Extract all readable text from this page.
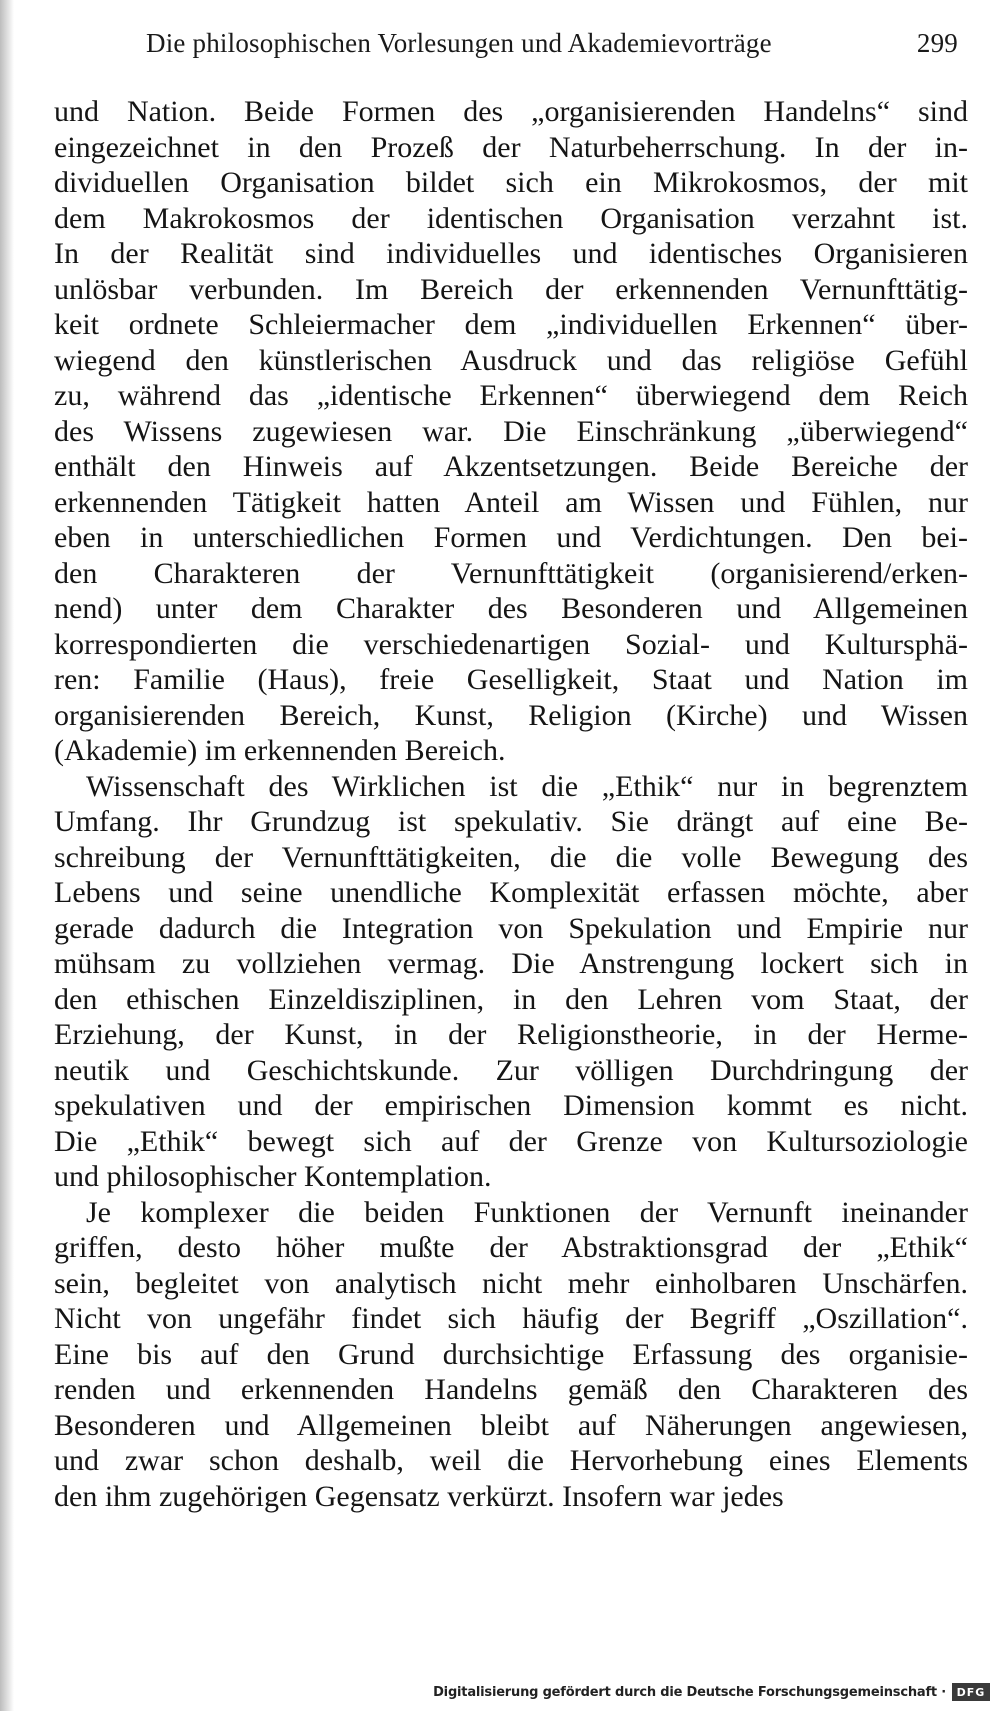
Die philosophischen Vorlesungen und Akademievorträge	299
und Nation. Beide Formen des „organisierenden Handelns“ sind
eingezeichnet in den Prozeß der Naturbeherrschung. In der in-
dividuellen Organisation bildet sich ein Mikrokosmos, der mit
dem Makrokosmos der identischen Organisation verzahnt ist.
In der Realität sind individuelles und identisches Organisieren
unlösbar verbunden. Im Bereich der erkennenden Vernunfttätig-
keit ordnete Schleiermacher dem „individuellen Erkennen“ über-
wiegend den künstlerischen Ausdruck und das religiöse Gefühl
zu, während das „identische Erkennen“ überwiegend dem Reich
des Wissens zugewiesen war. Die Einschränkung „überwiegend“
enthält den Hinweis auf Akzentsetzungen. Beide Bereiche der
erkennenden Tätigkeit hatten Anteil am Wissen und Fühlen, nur
eben in unterschiedlichen Formen und Verdichtungen. Den bei-
den Charakteren der Vernunfttätigkeit (organisierend/erken-
nend) unter dem Charakter des Besonderen und Allgemeinen
korrespondierten die verschiedenartigen Sozial- und Kultursphä-
ren: Familie (Haus), freie Geselligkeit, Staat und Nation im
organisierenden Bereich, Kunst, Religion (Kirche) und Wissen
(Akademie) im erkennenden Bereich.
Wissenschaft des Wirklichen ist die „Ethik“ nur in begrenztem
Umfang. Ihr Grundzug ist spekulativ. Sie drängt auf eine Be-
schreibung der Vernunfttätigkeiten, die die volle Bewegung des
Lebens und seine unendliche Komplexität erfassen möchte, aber
gerade dadurch die Integration von Spekulation und Empirie nur
mühsam zu vollziehen vermag. Die Anstrengung lockert sich in
den ethischen Einzeldisziplinen, in den Lehren vom Staat, der
Erziehung, der Kunst, in der Religionstheorie, in der Herme-
neutik und Geschichtskunde. Zur völligen Durchdringung der
spekulativen und der empirischen Dimension kommt es nicht.
Die „Ethik“ bewegt sich auf der Grenze von Kultursoziologie
und philosophischer Kontemplation.
Je komplexer die beiden Funktionen der Vernunft ineinander
griffen, desto höher mußte der Abstraktionsgrad der „Ethik“
sein, begleitet von analytisch nicht mehr einholbaren Unschärfen.
Nicht von ungefähr findet sich häufig der Begriff „Oszillation“.
Eine bis auf den Grund durchsichtige Erfassung des organisie-
renden und erkennenden Handelns gemäß den Charakteren des
Besonderen und Allgemeinen bleibt auf Näherungen angewiesen,
und zwar schon deshalb, weil die Hervorhebung eines Elements
den ihm zugehörigen Gegensatz verkürzt. Insofern war jedes
Digitalisierung gefördert durch die Deutsche Forschungsgemeinschaft · DFG
